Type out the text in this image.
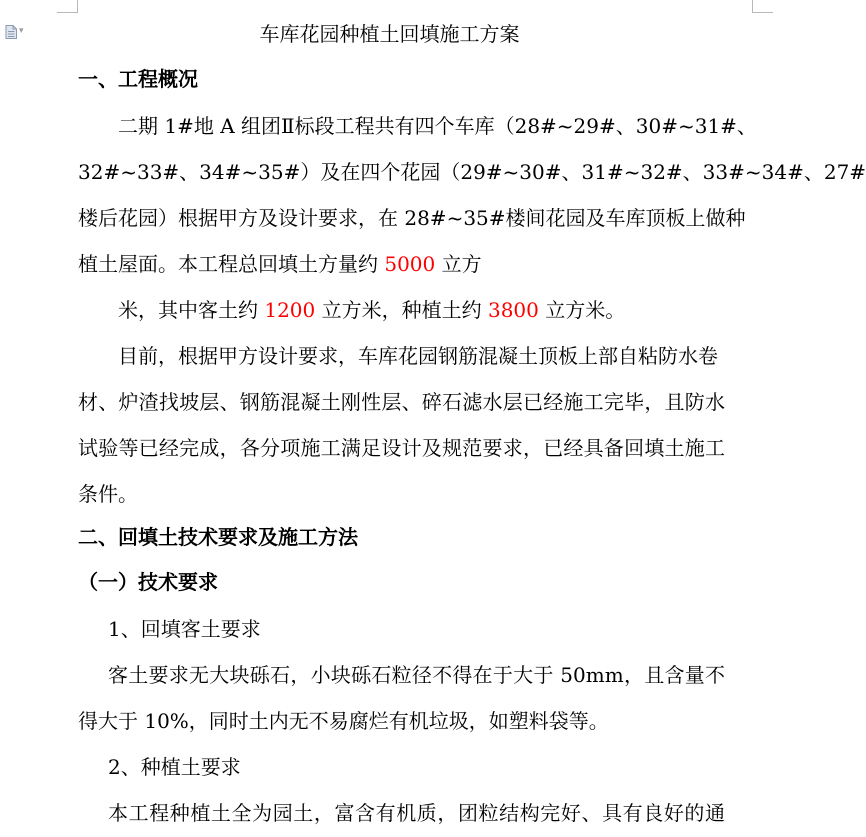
▾	车库花园种植土回填施工方案
一、工程概况
二期 1#地 A 组团Ⅱ标段工程共有四个车库（28#~29#、30#~31#、
32#~33#、34#~35#）及在四个花园（29#~30#、31#~32#、33#~34#、27#
楼后花园）根据甲方及设计要求，在 28#~35#楼间花园及车库顶板上做种
植土屋面。本工程总回填土方量约 5000 立方
米，其中客土约 1200 立方米，种植土约 3800 立方米。
目前，根据甲方设计要求，车库花园钢筋混凝土顶板上部自粘防水卷
材、炉渣找坡层、钢筋混凝土刚性层、碎石滤水层已经施工完毕，且防水
试验等已经完成，各分项施工满足设计及规范要求，已经具备回填土施工
条件。
二、回填土技术要求及施工方法
（一）技术要求
1、回填客土要求
客土要求无大块砾石，小块砾石粒径不得在于大于 50mm，且含量不
得大于 10%，同时土内无不易腐烂有机垃圾，如塑料袋等。
2、种植土要求
本工程种植土全为园土，富含有机质，团粒结构完好、具有良好的通
